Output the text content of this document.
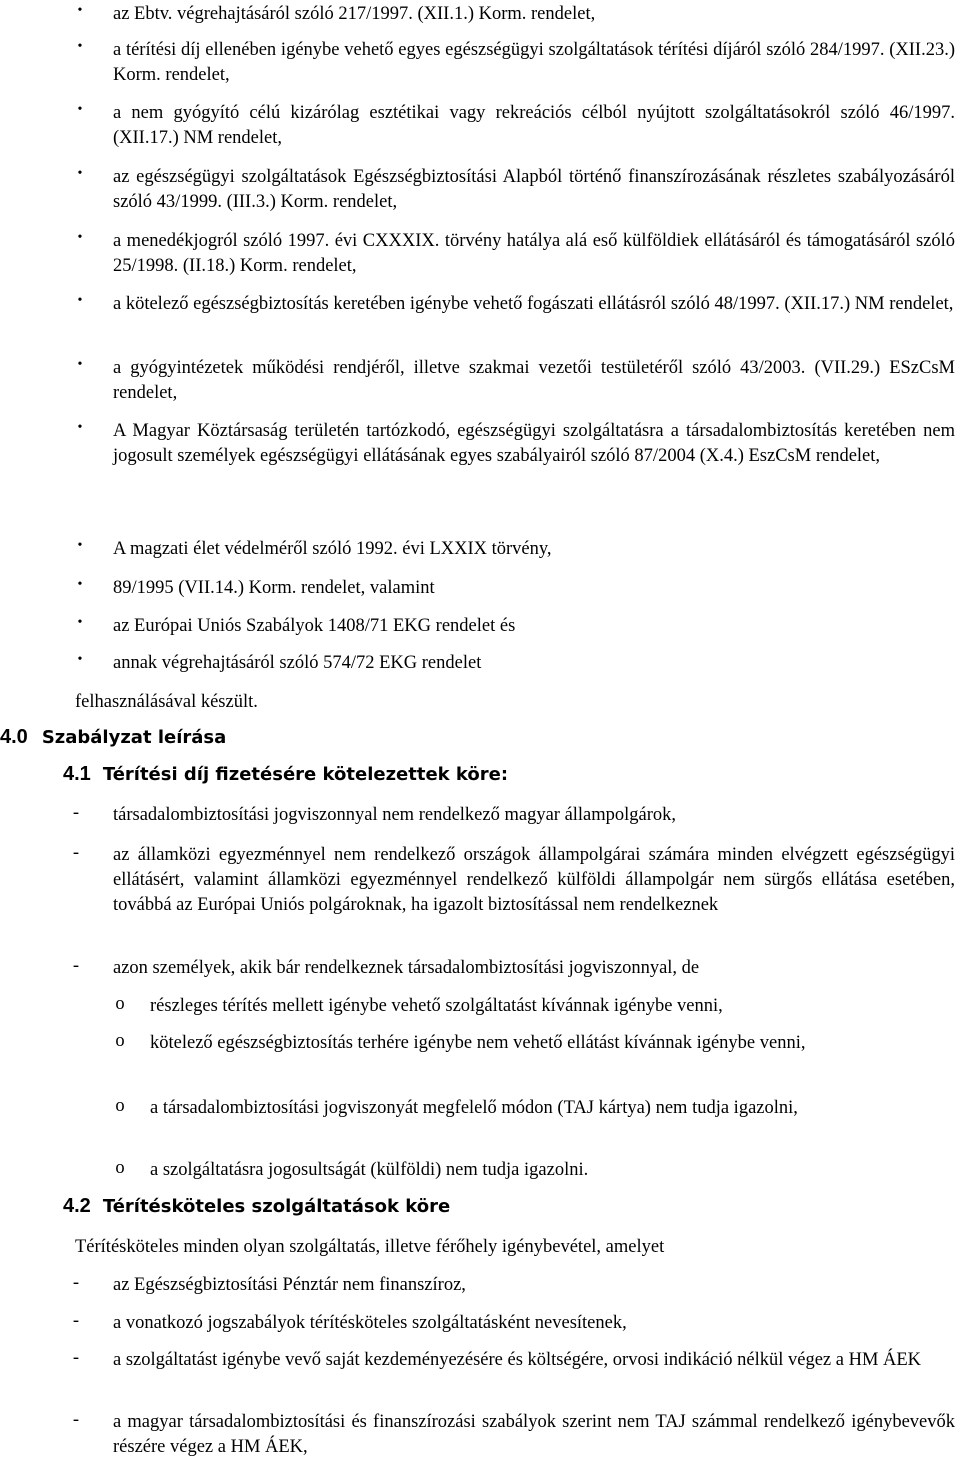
•	az Ebtv. végrehajtásáról szóló 217/1997. (XII.1.) Korm. rendelet,
•	a térítési díj ellenében igénybe vehető egyes egészségügyi szolgáltatások térítési díjáról szóló 284/1997. (XII.23.) Korm. rendelet,
•	a nem gyógyító célú kizárólag esztétikai vagy rekreációs célból nyújtott szolgáltatásokról szóló 46/1997. (XII.17.) NM rendelet,
•	az egészségügyi szolgáltatások Egészségbiztosítási Alapból történő finanszírozásának részletes szabályozásáról szóló 43/1999. (III.3.) Korm. rendelet,
•	a menedékjogról szóló 1997. évi CXXXIX. törvény hatálya alá eső külföldiek ellátásáról és támogatásáról szóló 25/1998. (II.18.) Korm. rendelet,
•	a kötelező egészségbiztosítás keretében igénybe vehető fogászati ellátásról szóló 48/1997. (XII.17.) NM rendelet,
•	a gyógyintézetek működési rendjéről, illetve szakmai vezetői testületéről szóló 43/2003. (VII.29.) ESzCsM rendelet,
•	A Magyar Köztársaság területén tartózkodó, egészségügyi szolgáltatásra a társadalombiztosítás keretében nem jogosult személyek egészségügyi ellátásának egyes szabályairól szóló 87/2004 (X.4.) EszCsM rendelet,
•	A magzati élet védelméről szóló 1992. évi LXXIX törvény,
•	89/1995 (VII.14.) Korm. rendelet, valamint
•	az Európai Uniós Szabályok 1408/71 EKG rendelet és
•	annak végrehajtásáról szóló 574/72 EKG rendelet
felhasználásával készült.
4.0 Szabályzat leírása
4.1 Térítési díj fizetésére kötelezettek köre:
-	társadalombiztosítási jogviszonnyal nem rendelkező magyar állampolgárok,
-	az államközi egyezménnyel nem rendelkező országok állampolgárai számára minden elvégzett egészségügyi ellátásért, valamint államközi egyezménnyel rendelkező külföldi állampolgár nem sürgős ellátása esetében, továbbá az Európai Uniós polgároknak, ha igazolt biztosítással nem rendelkeznek
-	azon személyek, akik bár rendelkeznek társadalombiztosítási jogviszonnyal, de
o részleges térítés mellett igénybe vehető szolgáltatást kívánnak igénybe venni,
o kötelező egészségbiztosítás terhére igénybe nem vehető ellátást kívánnak igénybe venni,
o a társadalombiztosítási jogviszonyát megfelelő módon (TAJ kártya) nem tudja igazolni,
o a szolgáltatásra jogosultságát (külföldi) nem tudja igazolni.
4.2 Térítésköteles szolgáltatások köre
Térítésköteles minden olyan szolgáltatás, illetve férőhely igénybevétel, amelyet
-	az Egészségbiztosítási Pénztár nem finanszíroz,
-	a vonatkozó jogszabályok térítésköteles szolgáltatásként nevesítenek,
-	a szolgáltatást igénybe vevő saját kezdeményezésére és költségére, orvosi indikáció nélkül végez a HM ÁEK
-	a magyar társadalombiztosítási és finanszírozási szabályok szerint nem TAJ számmal rendelkező igénybevevők részére végez a HM ÁEK,
